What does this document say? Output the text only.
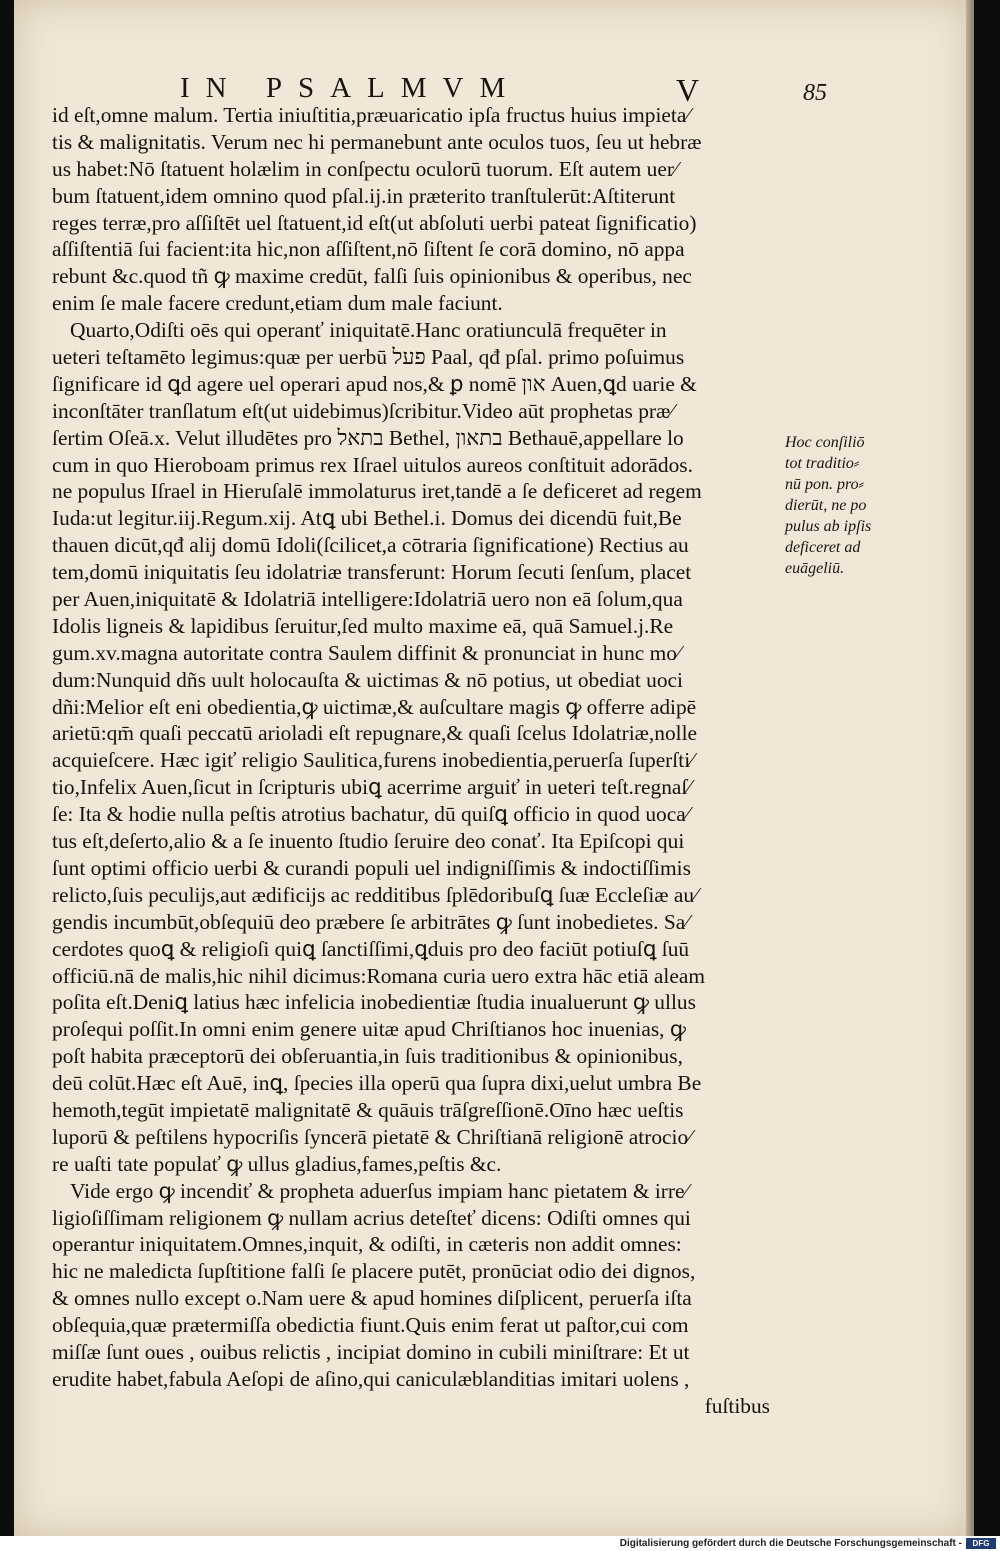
IN PSALMVM	V	85
id eſt,omne malum. Tertia iniuſtitia,præuaricatio ipſa fructus huius impieta∕
tis & malignitatis. Verum nec hi permanebunt ante oculos tuos, ſeu ut hebræ
us habet:Nō ſtatuent holælim in conſpectu oculorū tuorum. Eſt autem uer∕
bum ſtatuent,idem omnino quod pſal.ij.in præterito tranſtulerūt:Aſtiterunt
reges terræ,pro aſſiſtēt uel ſtatuent,id eſt(ut abſoluti uerbi pateat ſignificatio)
aſſiſtentiā ſui facient:ita hic,non aſſiſtent,nō ſiſtent ſe corā domino, nō appa
rebunt &c.quod tñ ꝙ maxime credūt, falſi ſuis opinionibus & operibus, nec
enim ſe male facere credunt,etiam dum male faciunt.
Quarto,Odiſti oēs qui operanť iniquitatē.Hanc oratiunculā frequēter in
ueteri teſtamēto legimus:quæ per uerbū פעל Paal, qđ pſal. primo poſuimus
ſignificare id ꝗd agere uel operari apud nos,& ꝑ nomē און Auen,ꝗd uarie &
inconſtāter tranſlatum eſt(ut uidebimus)ſcribitur.Video aūt prophetas præ∕
ſertim Oſeā.x. Velut illudētes pro בתאל Bethel, בתאון Bethauē,appellare lo
cum in quo Hieroboam primus rex Iſrael uitulos aureos conſtituit adorādos.
ne populus Iſrael in Hieruſalē immolaturus iret,tandē a ſe deficeret ad regem
Iuda:ut legitur.iij.Regum.xij. Atꝗ ubi Bethel.i. Domus dei dicendū fuit,Be
thauen dicūt,qđ alij domū Idoli(ſcilicet,a cōtraria ſignificatione) Rectius au
tem,domū iniquitatis ſeu idolatriæ transferunt: Horum ſecuti ſenſum, placet
per Auen,iniquitatē & Idolatriā intelligere:Idolatriā uero non eā ſolum,qua
Idolis ligneis & lapidibus ſeruitur,ſed multo maxime eā, quā Samuel.j.Re
gum.xv.magna autoritate contra Saulem diffinit & pronunciat in hunc mo∕
dum:Nunquid dñs uult holocauſta & uictimas & nō potius, ut obediat uoci
dñi:Melior eſt eni obedientia,ꝙ uictimæ,& auſcultare magis ꝙ offerre adipē
arietū:qm̄ quaſi peccatū arioladi eſt repugnare,& quaſi ſcelus Idolatriæ,nolle
acquieſcere. Hæc igiť religio Saulitica,furens inobedientia,peruerſa ſuperſti∕
tio,Infelix Auen,ſicut in ſcripturis ubiꝗ acerrime arguiť in ueteri teſt.regnaſ∕
ſe: Ita & hodie nulla peſtis atrotius bachatur, dū quiſꝗ officio in quod uoca∕
tus eſt,deſerto,alio & a ſe inuento ſtudio ſeruire deo conať. Ita Epiſcopi qui
ſunt optimi officio uerbi & curandi populi uel indigniſſimis & indoctiſſimis
relicto,ſuis peculijs,aut ædificijs ac redditibus ſplēdoribuſꝗ ſuæ Eccleſiæ au∕
gendis incumbūt,obſequiū deo præbere ſe arbitrātes ꝙ ſunt inobedietes. Sa∕
cerdotes quoꝗ & religioſi quiꝗ ſanctiſſimi,ꝗduis pro deo faciūt potiuſꝗ ſuū
officiū.nā de malis,hic nihil dicimus:Romana curia uero extra hāc etiā aleam
poſita eſt.Deniꝗ latius hæc infelicia inobedientiæ ſtudia inualuerunt ꝙ ullus
proſequi poſſit.In omni enim genere uitæ apud Chriſtianos hoc inuenias, ꝙ
poſt habita præceptorū dei obſeruantia,in ſuis traditionibus & opinionibus,
deū colūt.Hæc eſt Auē, inꝗ, ſpecies illa operū qua ſupra dixi,uelut umbra Be
hemoth,tegūt impietatē malignitatē & quāuis trāſgreſſionē.Oīno hæc ueſtis
luporū & peſtilens hypocriſis ſyncerā pietatē & Chriſtianā religionē atrocio∕
re uaſti tate populať ꝙ ullus gladius,fames,peſtis &c.
Vide ergo ꝙ incendiť & propheta aduerſus impiam hanc pietatem & irre∕
ligioſiſſimam religionem ꝙ nullam acrius deteſteť dicens: Odiſti omnes qui
operantur iniquitatem.Omnes,inquit, & odiſti, in cæteris non addit omnes:
hic ne maledicta ſupſtitione falſi ſe placere putēt, pronūciat odio dei dignos,
& omnes nullo except o.Nam uere & apud homines diſplicent, peruerſa iſta
obſequia,quæ prætermiſſa obedictia fiunt.Quis enim ferat ut paſtor,cui com
miſſæ ſunt oues , ouibus relictis , incipiat domino in cubili miniſtrare: Et ut
erudite habet,fabula Aeſopi de aſino,qui caniculæblanditias imitari uolens ,
fuſtibus
Hoc conſiliō
tot traditio⸗
nū pon. pro⸗
dierūt, ne po
pulus ab ipſis
deficeret ad
euāgeliū.
Digitalisierung gefördert durch die Deutsche Forschungsgemeinschaft -	DFG
